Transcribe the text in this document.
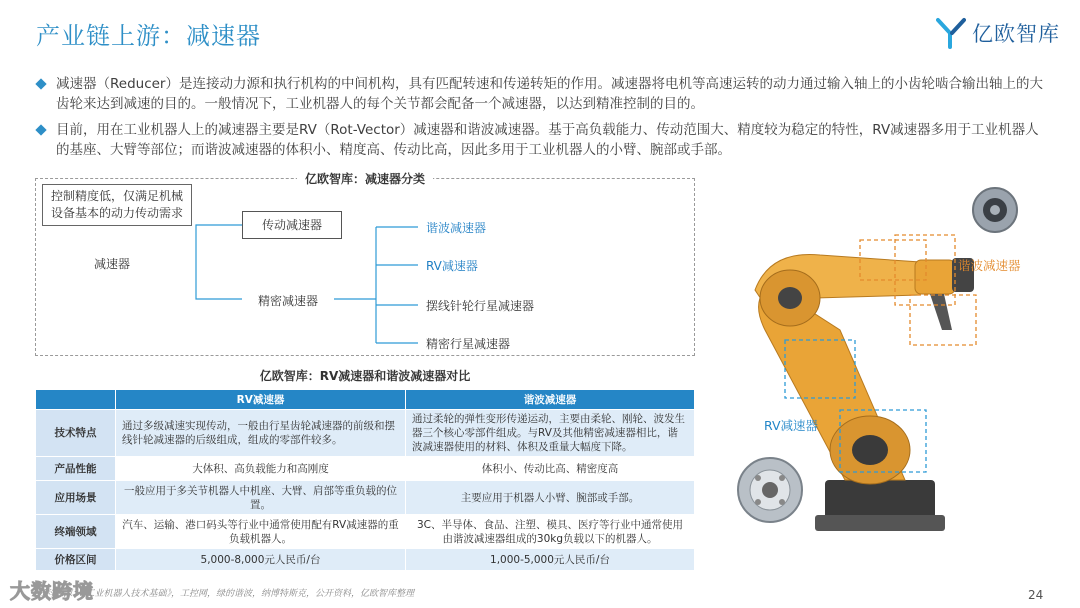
产业链上游：减速器	亿欧智库
减速器（Reducer）是连接动力源和执行机构的中间机构，具有匹配转速和传递转矩的作用。减速器将电机等高速运转的动力通过输入轴上的小齿轮啮合输出轴上的大齿轮来达到减速的目的。一般情况下，工业机器人的每个关节都会配备一个减速器，以达到精准控制的目的。
目前，用在工业机器人上的减速器主要是RV（Rot-Vector）减速器和谐波减速器。基于高负载能力、传动范围大、精度较为稳定的特性，RV减速器多用于工业机器人的基座、大臂等部位；而谐波减速器的体积小、精度高、传动比高，因此多用于工业机器人的小臂、腕部或手部。
亿欧智库：减速器分类
控制精度低，仅满足机械设备基本的动力传动需求
传动减速器
减速器
精密减速器
谐波减速器
RV减速器
摆线针轮行星减速器
精密行星减速器
亿欧智库：RV减速器和谐波减速器对比
	RV减速器	谐波减速器
技术特点	通过多级减速实现传动，一般由行星齿轮减速器的前级和摆线针轮减速器的后级组成，组成的零部件较多。	通过柔轮的弹性变形传递运动，主要由柔轮、刚轮、波发生器三个核心零部件组成。与RV及其他精密减速器相比，谐波减速器使用的材料、体积及重量大幅度下降。
产品性能	大体积、高负载能力和高刚度	体积小、传动比高、精密度高
应用场景	一般应用于多关节机器人中机座、大臂、肩部等重负载的位置。	主要应用于机器人小臂、腕部或手部。
终端领域	汽车、运输、港口码头等行业中通常使用配有RV减速器的重负载机器人。	3C、半导体、食品、注塑、模具、医疗等行业中通常使用由谐波减速器组成的30kg负载以下的机器人。
价格区间	5,000-8,000元人民币/台	1,000-5,000元人民币/台
谐波减速器
RV减速器
资料来源：《工业机器人技术基础》，工控网，绿的谐波，纳博特斯克，公开资料，亿欧智库整理
大数跨境	24
